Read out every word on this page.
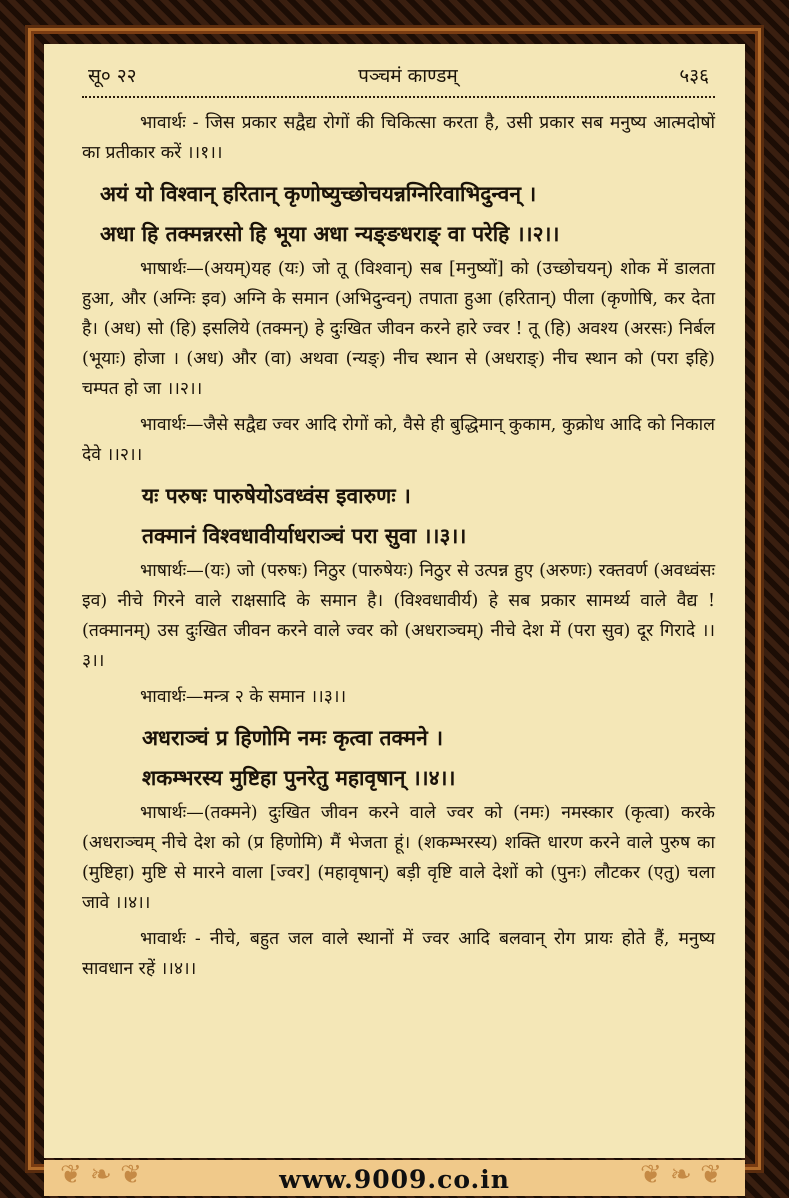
सू० २२	पञ्चमं काण्डम्	५३६

भावार्थः - जिस प्रकार सद्वैद्य रोगों की चिकित्सा करता है, उसी प्रकार सब मनुष्य आत्मदोषों का प्रतीकार करें ।।१।।

अयं यो विश्वान् हरितान् कृणोष्युच्छोचयन्नग्निरिवाभिदुन्वन् ।

अधा हि तक्मन्नरसो हि भूया अधा न्यङ्ङधराङ् वा परेहि ।।२।।

भाषार्थः—(अयम्)यह (यः) जो तू (विश्वान्) सब [मनुष्यों] को (उच्छोचयन्) शोक में डालता हुआ, और (अग्निः इव) अग्नि के समान (अभिदुन्वन्) तपाता हुआ (हरितान्) पीला (कृणोषि, कर देता है। (अध) सो (हि) इसलिये (तक्मन्) हे दुःखित जीवन करने हारे ज्वर ! तू (हि) अवश्य (अरसः) निर्बल (भूयाः) होजा । (अध) और (वा) अथवा (न्यङ्) नीच स्थान से (अधराङ्) नीच स्थान को (परा इहि) चम्पत हो जा ।।२।।

भावार्थः—जैसे सद्वैद्य ज्वर आदि रोगों को, वैसे ही बुद्धिमान् कुकाम, कुक्रोध आदि को निकाल देवे ।।२।।

यः परुषः पारुषेयोऽवध्वंस इवारुणः ।

तक्मानं विश्वधावीर्याधराञ्चं परा सुवा ।।३।।

भाषार्थः—(यः) जो (परुषः) निठुर (पारुषेयः) निठुर से उत्पन्न हुए (अरुणः) रक्तवर्ण (अवध्वंसः इव) नीचे गिरने वाले राक्षसादि के समान है। (विश्वधावीर्य) हे सब प्रकार सामर्थ्य वाले वैद्य ! (तक्मानम्) उस दुःखित जीवन करने वाले ज्वर को (अधराञ्चम्) नीचे देश में (परा सुव) दूर गिरादे ।।३।।

भावार्थः—मन्त्र २ के समान ।।३।।

अधराञ्चं प्र हिणोमि नमः कृत्वा तक्मने ।

शकम्भरस्य मुष्टिहा पुनरेतु महावृषान् ।।४।।

भाषार्थः—(तक्मने) दुःखित जीवन करने वाले ज्वर को (नमः) नमस्कार (कृत्वा) करके (अधराञ्चम् नीचे देश को (प्र हिणोमि) मैं भेजता हूं। (शकम्भरस्य) शक्ति धारण करने वाले पुरुष का (मुष्टिहा) मुष्टि से मारने वाला [ज्वर] (महावृषान्) बड़ी वृष्टि वाले देशों को (पुनः) लौटकर (एतु) चला जावे ।।४।।

भावार्थः - नीचे, बहुत जल वाले स्थानों में ज्वर आदि बलवान् रोग प्रायः होते हैं, मनुष्य सावधान रहें ।।४।।

❦ ❧ ❦	❦ ❧ ❦
www.9009.co.in
